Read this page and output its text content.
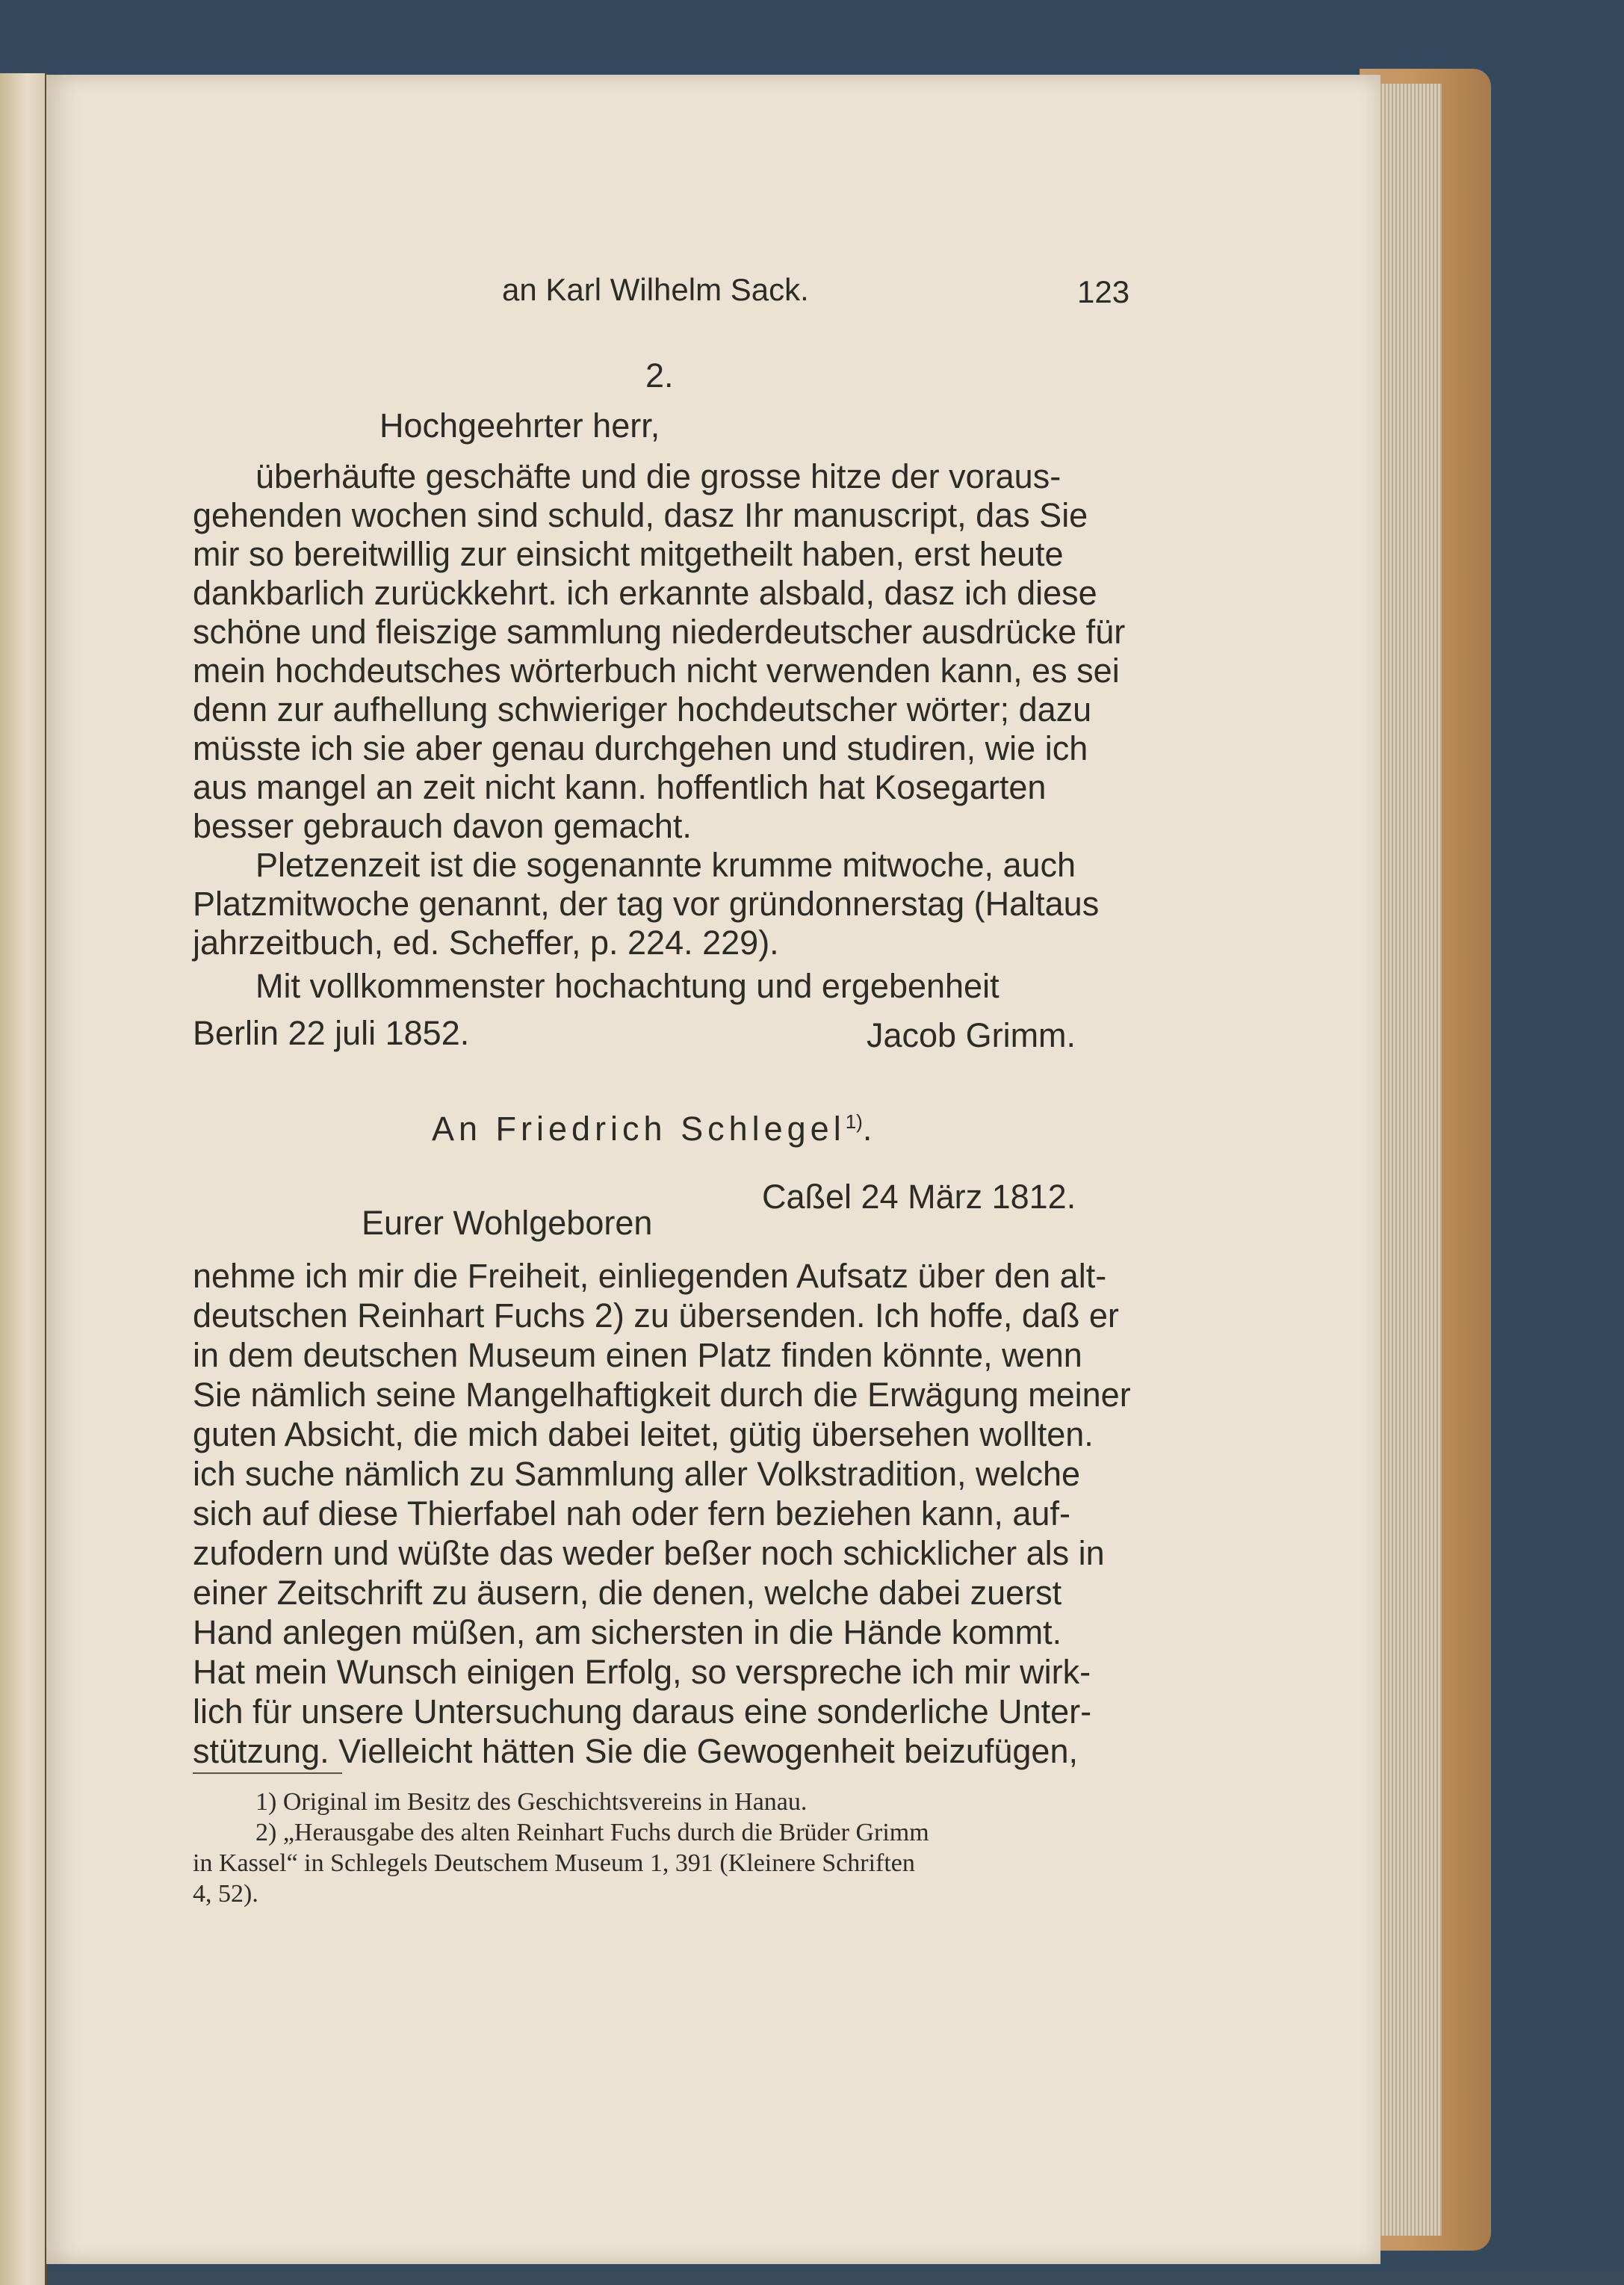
an Karl Wilhelm Sack.	123
2.
Hochgeehrter herr,
überhäufte geschäfte und die grosse hitze der voraus-
gehenden wochen sind schuld, dasz Ihr manuscript, das Sie
mir so bereitwillig zur einsicht mitgetheilt haben, erst heute
dankbarlich zurückkehrt. ich erkannte alsbald, dasz ich diese
schöne und fleiszige sammlung niederdeutscher ausdrücke für
mein hochdeutsches wörterbuch nicht verwenden kann, es sei
denn zur aufhellung schwieriger hochdeutscher wörter; dazu
müsste ich sie aber genau durchgehen und studiren, wie ich
aus mangel an zeit nicht kann. hoffentlich hat Kosegarten
besser gebrauch davon gemacht.
Pletzenzeit ist die sogenannte krumme mitwoche, auch
Platzmitwoche genannt, der tag vor gründonnerstag (Haltaus
jahrzeitbuch, ed. Scheffer, p. 224. 229).
Mit vollkommenster hochachtung und ergebenheit
Berlin 22 juli 1852.	Jacob Grimm.
An Friedrich Schlegel$^{1)}$.
Caßel 24 März 1812.
Eurer Wohlgeboren
nehme ich mir die Freiheit, einliegenden Aufsatz über den alt-
deutschen Reinhart Fuchs 2) zu übersenden. Ich hoffe, daß er
in dem deutschen Museum einen Platz finden könnte, wenn
Sie nämlich seine Mangelhaftigkeit durch die Erwägung meiner
guten Absicht, die mich dabei leitet, gütig übersehen wollten.
ich suche nämlich zu Sammlung aller Volkstradition, welche
sich auf diese Thierfabel nah oder fern beziehen kann, auf-
zufodern und wüßte das weder beßer noch schicklicher als in
einer Zeitschrift zu äusern, die denen, welche dabei zuerst
Hand anlegen müßen, am sichersten in die Hände kommt.
Hat mein Wunsch einigen Erfolg, so verspreche ich mir wirk-
lich für unsere Untersuchung daraus eine sonderliche Unter-
stützung. Vielleicht hätten Sie die Gewogenheit beizufügen,
1) Original im Besitz des Geschichtsvereins in Hanau.
2) „Herausgabe des alten Reinhart Fuchs durch die Brüder Grimm
in Kassel“ in Schlegels Deutschem Museum 1, 391 (Kleinere Schriften
4, 52).
